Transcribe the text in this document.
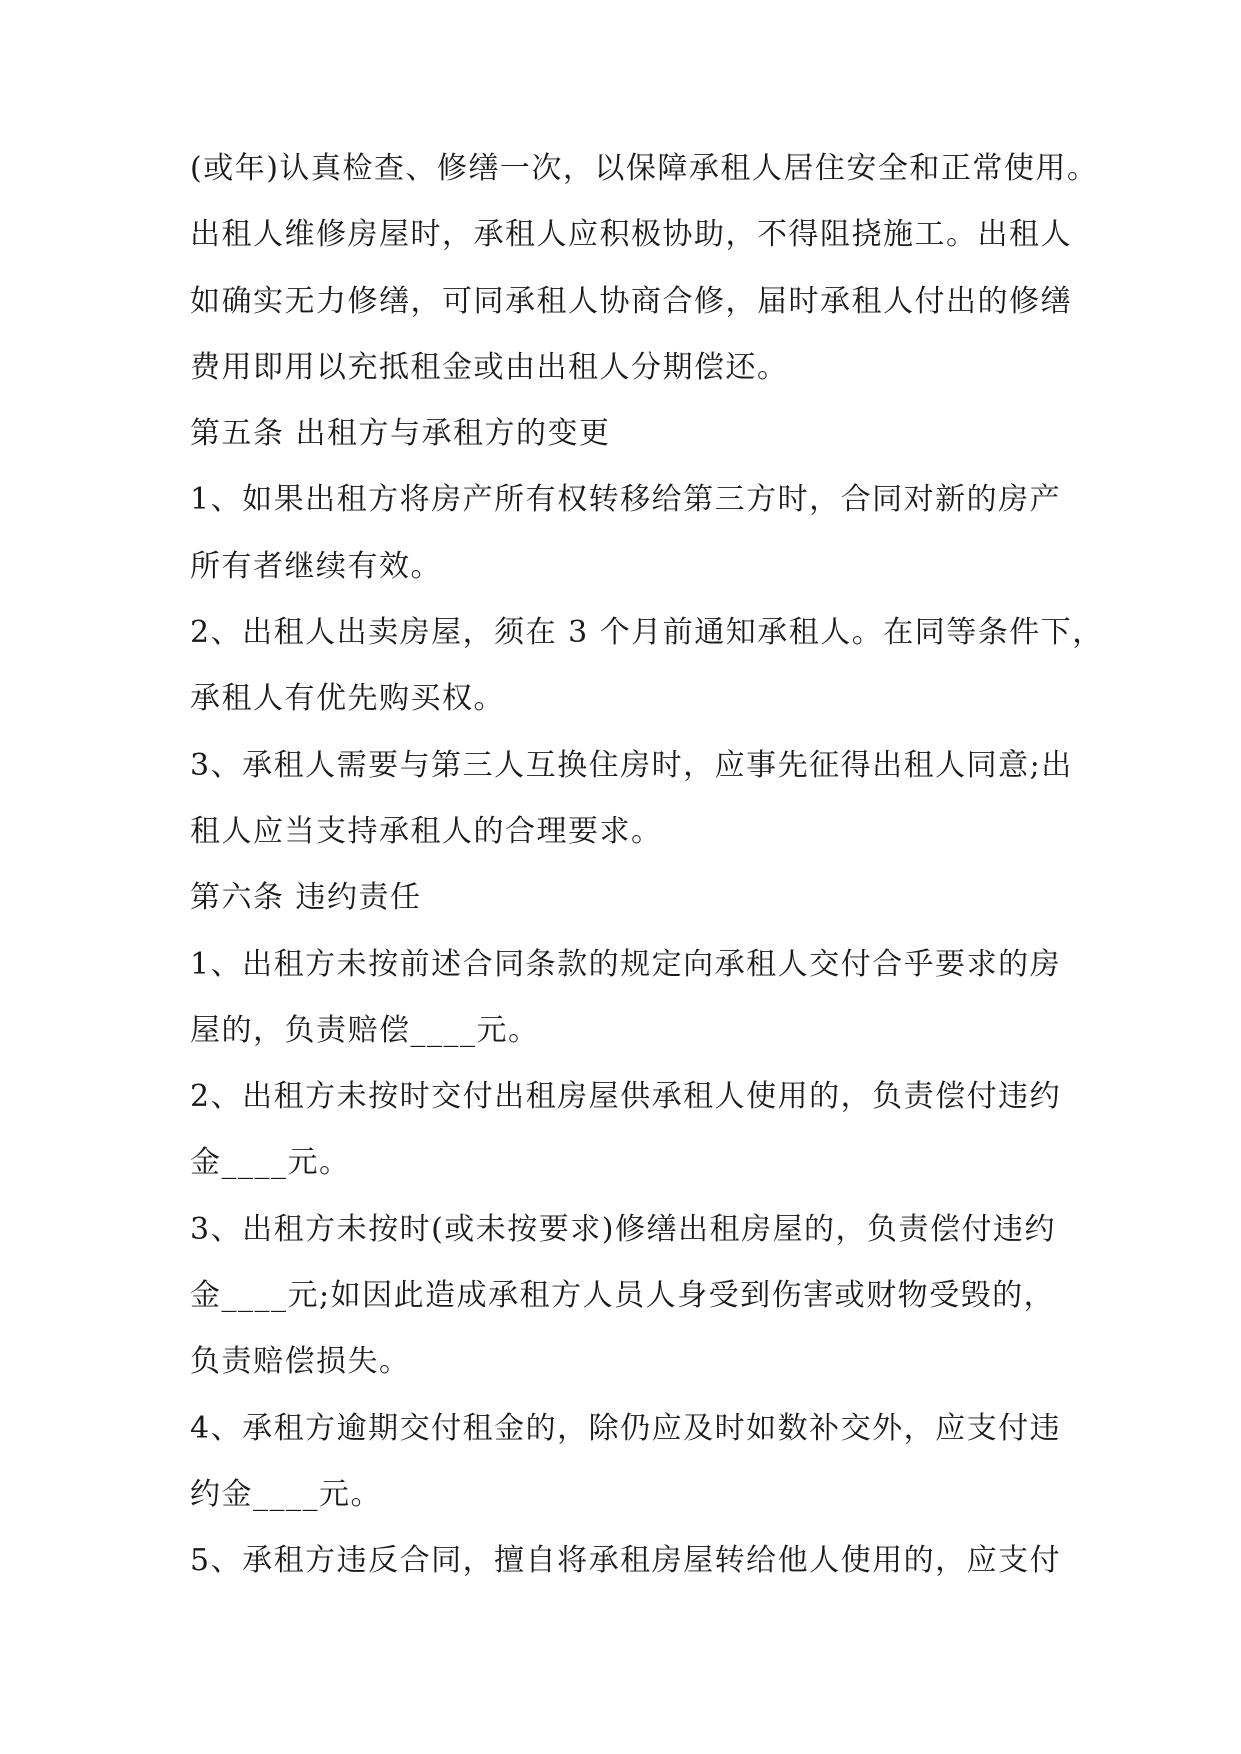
(或年)认真检查、修缮一次，以保障承租人居住安全和正常使用。
出租人维修房屋时，承租人应积极协助，不得阻挠施工。出租人
如确实无力修缮，可同承租人协商合修，届时承租人付出的修缮
费用即用以充抵租金或由出租人分期偿还。
第五条 出租方与承租方的变更
1、如果出租方将房产所有权转移给第三方时，合同对新的房产
所有者继续有效。
2、出租人出卖房屋，须在 3 个月前通知承租人。在同等条件下，
承租人有优先购买权。
3、承租人需要与第三人互换住房时，应事先征得出租人同意;出
租人应当支持承租人的合理要求。
第六条 违约责任
1、出租方未按前述合同条款的规定向承租人交付合乎要求的房
屋的，负责赔偿____元。
2、出租方未按时交付出租房屋供承租人使用的，负责偿付违约
金____元。
3、出租方未按时(或未按要求)修缮出租房屋的，负责偿付违约
金____元;如因此造成承租方人员人身受到伤害或财物受毁的，
负责赔偿损失。
4、承租方逾期交付租金的，除仍应及时如数补交外，应支付违
约金____元。
5、承租方违反合同，擅自将承租房屋转给他人使用的，应支付
